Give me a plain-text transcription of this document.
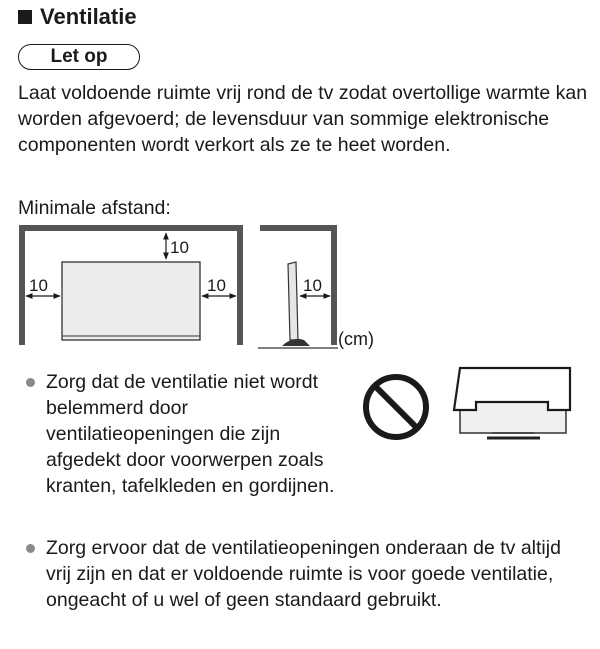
Ventilatie
Let op

Laat voldoende ruimte vrij rond de tv zodat overtollige warmte kan worden afgevoerd; de levensduur van sommige elektronische componenten wordt verkort als ze te heet worden.

Minimale afstand:
10
10	10	10
(cm)
Zorg dat de ventilatie niet wordt belemmerd door ventilatieopeningen die zijn afgedekt door voorwerpen zoals kranten, tafelkleden en gordijnen.
Zorg ervoor dat de ventilatieopeningen onderaan de tv altijd vrij zijn en dat er voldoende ruimte is voor goede ventilatie, ongeacht of u wel of geen standaard gebruikt.
